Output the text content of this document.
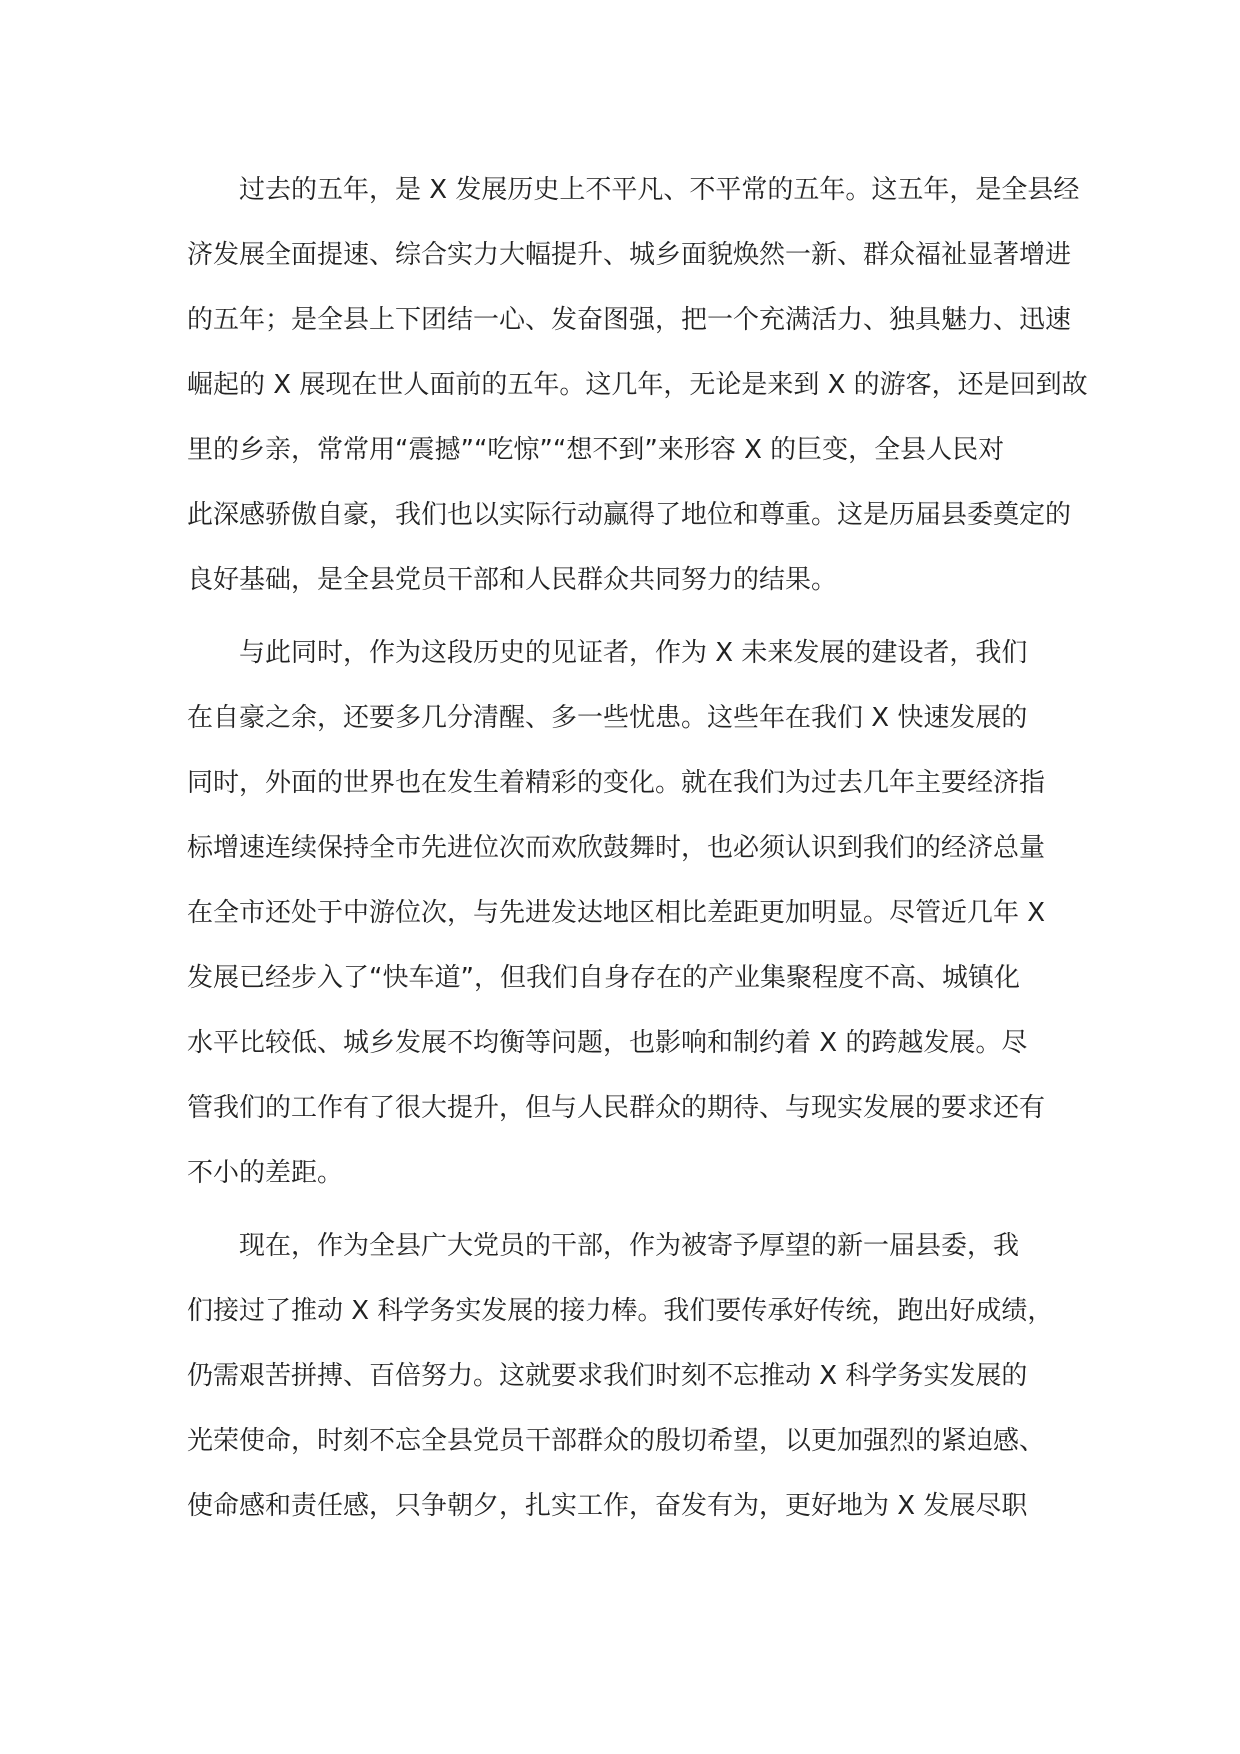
　　过去的五年，是 X 发展历史上不平凡、不平常的五年。这五年，是全县经
济发展全面提速、综合实力大幅提升、城乡面貌焕然一新、群众福祉显著增进
的五年；是全县上下团结一心、发奋图强，把一个充满活力、独具魅力、迅速
崛起的 X 展现在世人面前的五年。这几年，无论是来到 X 的游客，还是回到故
里的乡亲，常常用“震撼”“吃惊”“想不到”来形容 X 的巨变，全县人民对
此深感骄傲自豪，我们也以实际行动赢得了地位和尊重。这是历届县委奠定的
良好基础，是全县党员干部和人民群众共同努力的结果。
　　与此同时，作为这段历史的见证者，作为 X 未来发展的建设者，我们
在自豪之余，还要多几分清醒、多一些忧患。这些年在我们 X 快速发展的
同时，外面的世界也在发生着精彩的变化。就在我们为过去几年主要经济指
标增速连续保持全市先进位次而欢欣鼓舞时，也必须认识到我们的经济总量
在全市还处于中游位次，与先进发达地区相比差距更加明显。尽管近几年 X
发展已经步入了“快车道”，但我们自身存在的产业集聚程度不高、城镇化
水平比较低、城乡发展不均衡等问题，也影响和制约着 X 的跨越发展。尽
管我们的工作有了很大提升，但与人民群众的期待、与现实发展的要求还有
不小的差距。
　　现在，作为全县广大党员的干部，作为被寄予厚望的新一届县委，我
们接过了推动 X 科学务实发展的接力棒。我们要传承好传统，跑出好成绩，
仍需艰苦拼搏、百倍努力。这就要求我们时刻不忘推动 X 科学务实发展的
光荣使命，时刻不忘全县党员干部群众的殷切希望，以更加强烈的紧迫感、
使命感和责任感，只争朝夕，扎实工作，奋发有为，更好地为 X 发展尽职
